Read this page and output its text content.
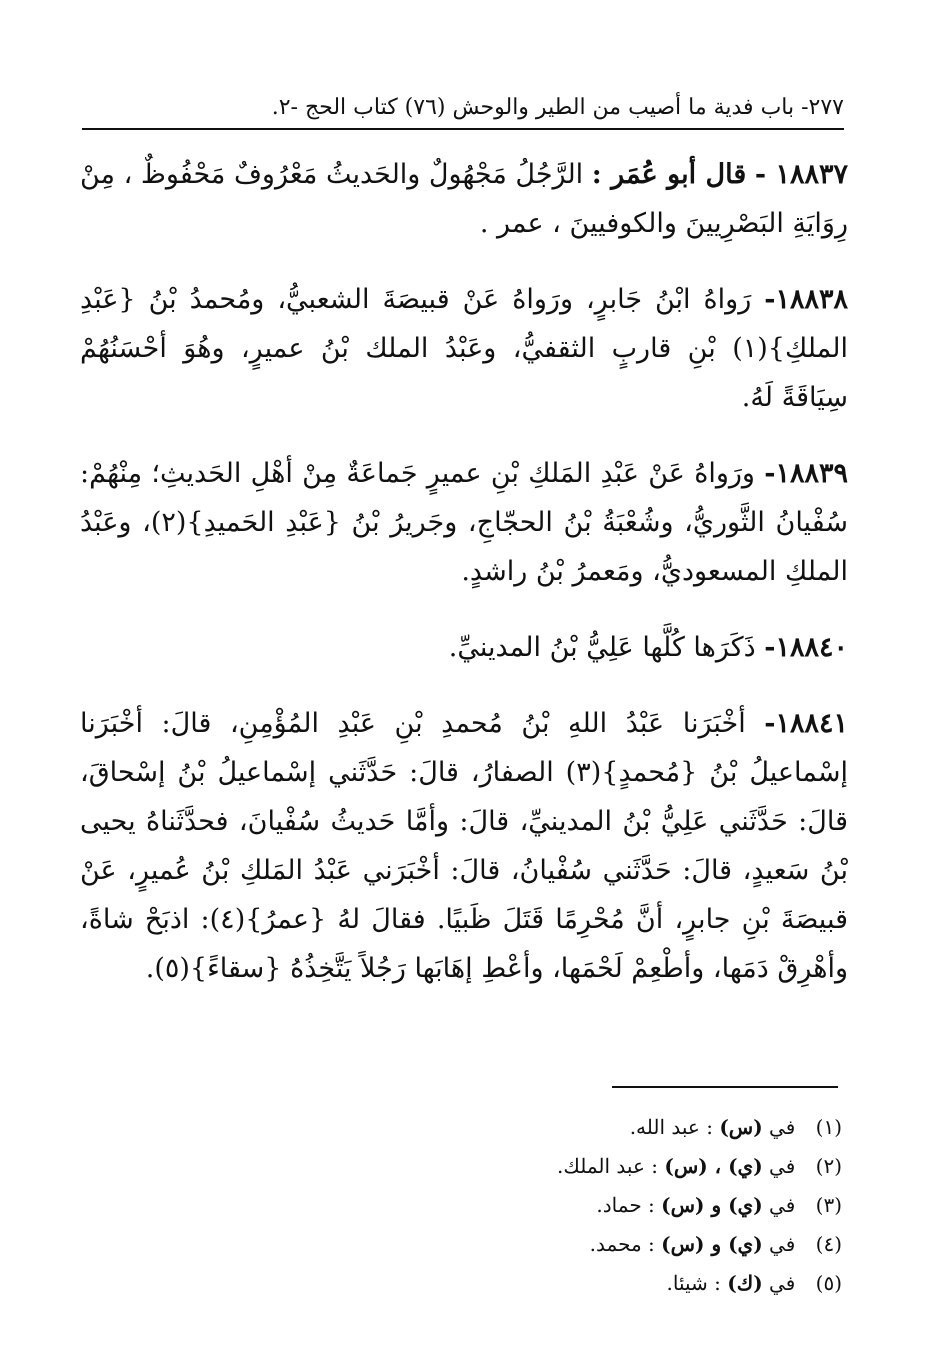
٢٧٧- باب فدية ما أصيب من الطير والوحش (٧٦) كتاب الحج -٢.

١٨٨٣٧ - قال أبو عُمَر : الرَّجُلُ مَجْهُولٌ والحَديثُ مَعْرُوفٌ مَحْفُوظٌ ، مِنْ رِوَايَةِ البَصْرِيينَ والكوفيينَ ، عمر .

١٨٨٣٨- رَواهُ ابْنُ جَابرٍ، ورَواهُ عَنْ قبيصَةَ الشعبيُّ، ومُحمدُ بْنُ {عَبْدِ الملكِ}(١) بْنِ قاربٍ الثقفيُّ، وعَبْدُ الملك بْنُ عميرٍ، وهُوَ أحْسَنُهُمْ سِيَاقَةً لَهُ.

١٨٨٣٩- ورَواهُ عَنْ عَبْدِ المَلكِ بْنِ عميرٍ جَماعَةٌ مِنْ أهْلِ الحَديثِ؛ مِنْهُمْ: سُفْيانُ الثَّوريُّ، وشُعْبَةُ بْنُ الحجّاجِ، وجَريرُ بْنُ {عَبْدِ الحَميدِ}(٢)، وعَبْدُ الملكِ المسعوديُّ، ومَعمرُ بْنُ راشدٍ.

١٨٨٤٠- ذَكَرَها كُلَّها عَلِيُّ بْنُ المدينيِّ.

١٨٨٤١- أخْبَرَنا عَبْدُ اللهِ بْنُ مُحمدِ بْنِ عَبْدِ المُؤْمِنِ، قالَ: أخْبَرَنا إسْماعيلُ بْنُ {مُحمدٍ}(٣) الصفارُ، قالَ: حَدَّثَني إسْماعيلُ بْنُ إسْحاقَ، قالَ: حَدَّثَني عَلِيُّ بْنُ المدينيِّ، قالَ: وأمَّا حَديثُ سُفْيانَ، فحدَّثَناهُ يحيى بْنُ سَعيدٍ، قالَ: حَدَّثَني سُفْيانُ، قالَ: أخْبَرَني عَبْدُ المَلكِ بْنُ عُميرٍ، عَنْ قبيصَةَ بْنِ جابرٍ، أنَّ مُحْرِمًا قَتَلَ ظَبيًا. فقالَ لهُ {عمرُ}(٤): اذبَحْ شاةً، وأهْرِقْ دَمَها، وأطْعِمْ لَحْمَها، وأعْطِ إهَابَها رَجُلاً يَتَّخِذُهُ {سقاءً}(٥).

(١) في (س) : عبد الله.
(٢) في (ي) ، (س) : عبد الملك.
(٣) في (ي) و (س) : حماد.
(٤) في (ي) و (س) : محمد.
(٥) في (ك) : شيئا.
